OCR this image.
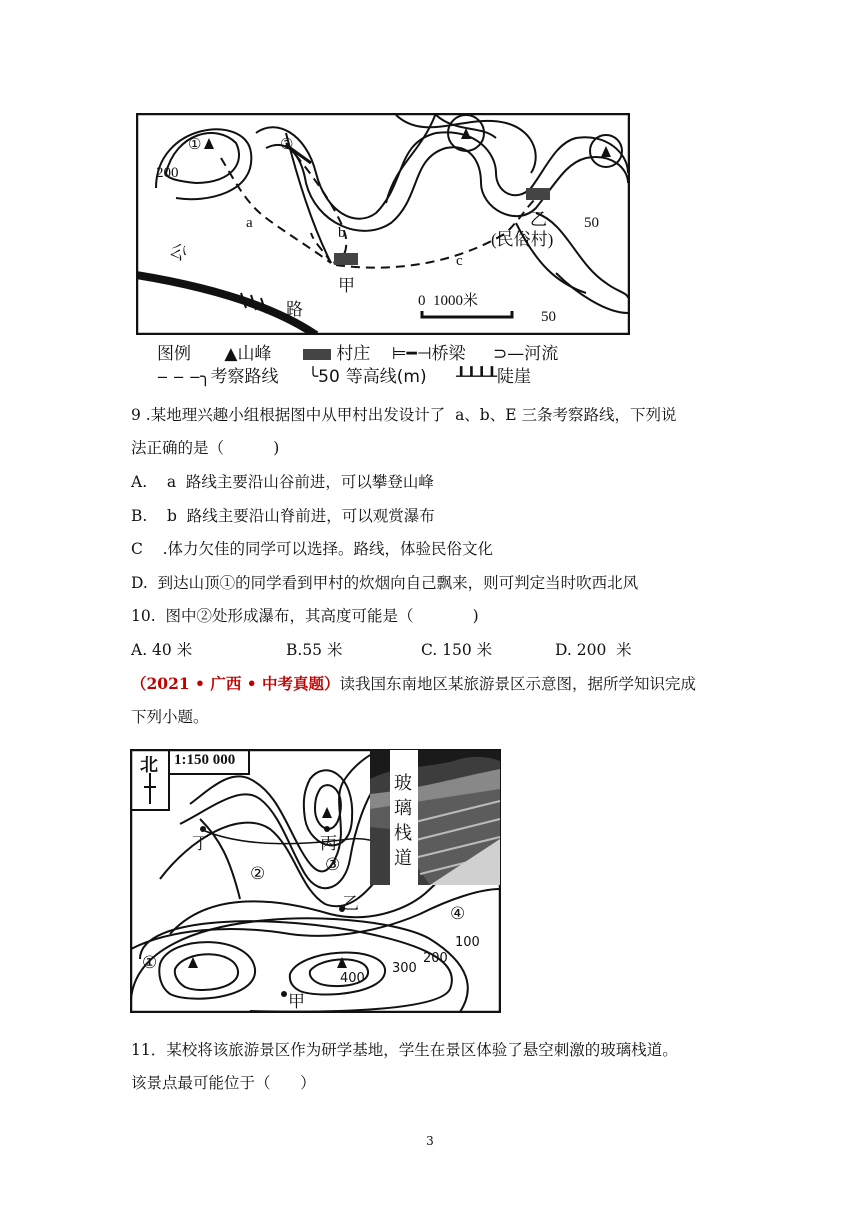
①	②
200
a
b
c
甲
乙
(民俗村)
50
50
公
路	0  1000米
图例 ▲山峰	村庄 ⊨━⊣桥梁 ⊃—河流
‒ ‒ ‒╮考察路线 ╰50 等高线(m) ┸┸┸┸陡崖
9 .某地理兴趣小组根据图中从甲村出发设计了  a、b、E 三条考察路线，下列说
法正确的是（          )
A.    a  路线主要沿山谷前进，可以攀登山峰
B.    b  路线主要沿山脊前进，可以观赏瀑布
C    .体力欠佳的同学可以选择。路线，体验民俗文化
D.  到达山顶①的同学看到甲村的炊烟向自己飘来，则可判定当时吹西北风
10.  图中②处形成瀑布，其高度可能是（            )
A. 40 米	B.55 米	C. 150 米	D. 200  米
（2021 • 广西 • 中考真题）读我国东南地区某旅游景区示意图，据所学知识完成
下列小题。
北 1:150 000
玻
璃
栈
道
丁	丙
乙
甲
①
②	③
④
100
200
300
400
11．某校将该旅游景区作为研学基地，学生在景区体验了悬空刺激的玻璃栈道。
该景点最可能位于（      ）
3
